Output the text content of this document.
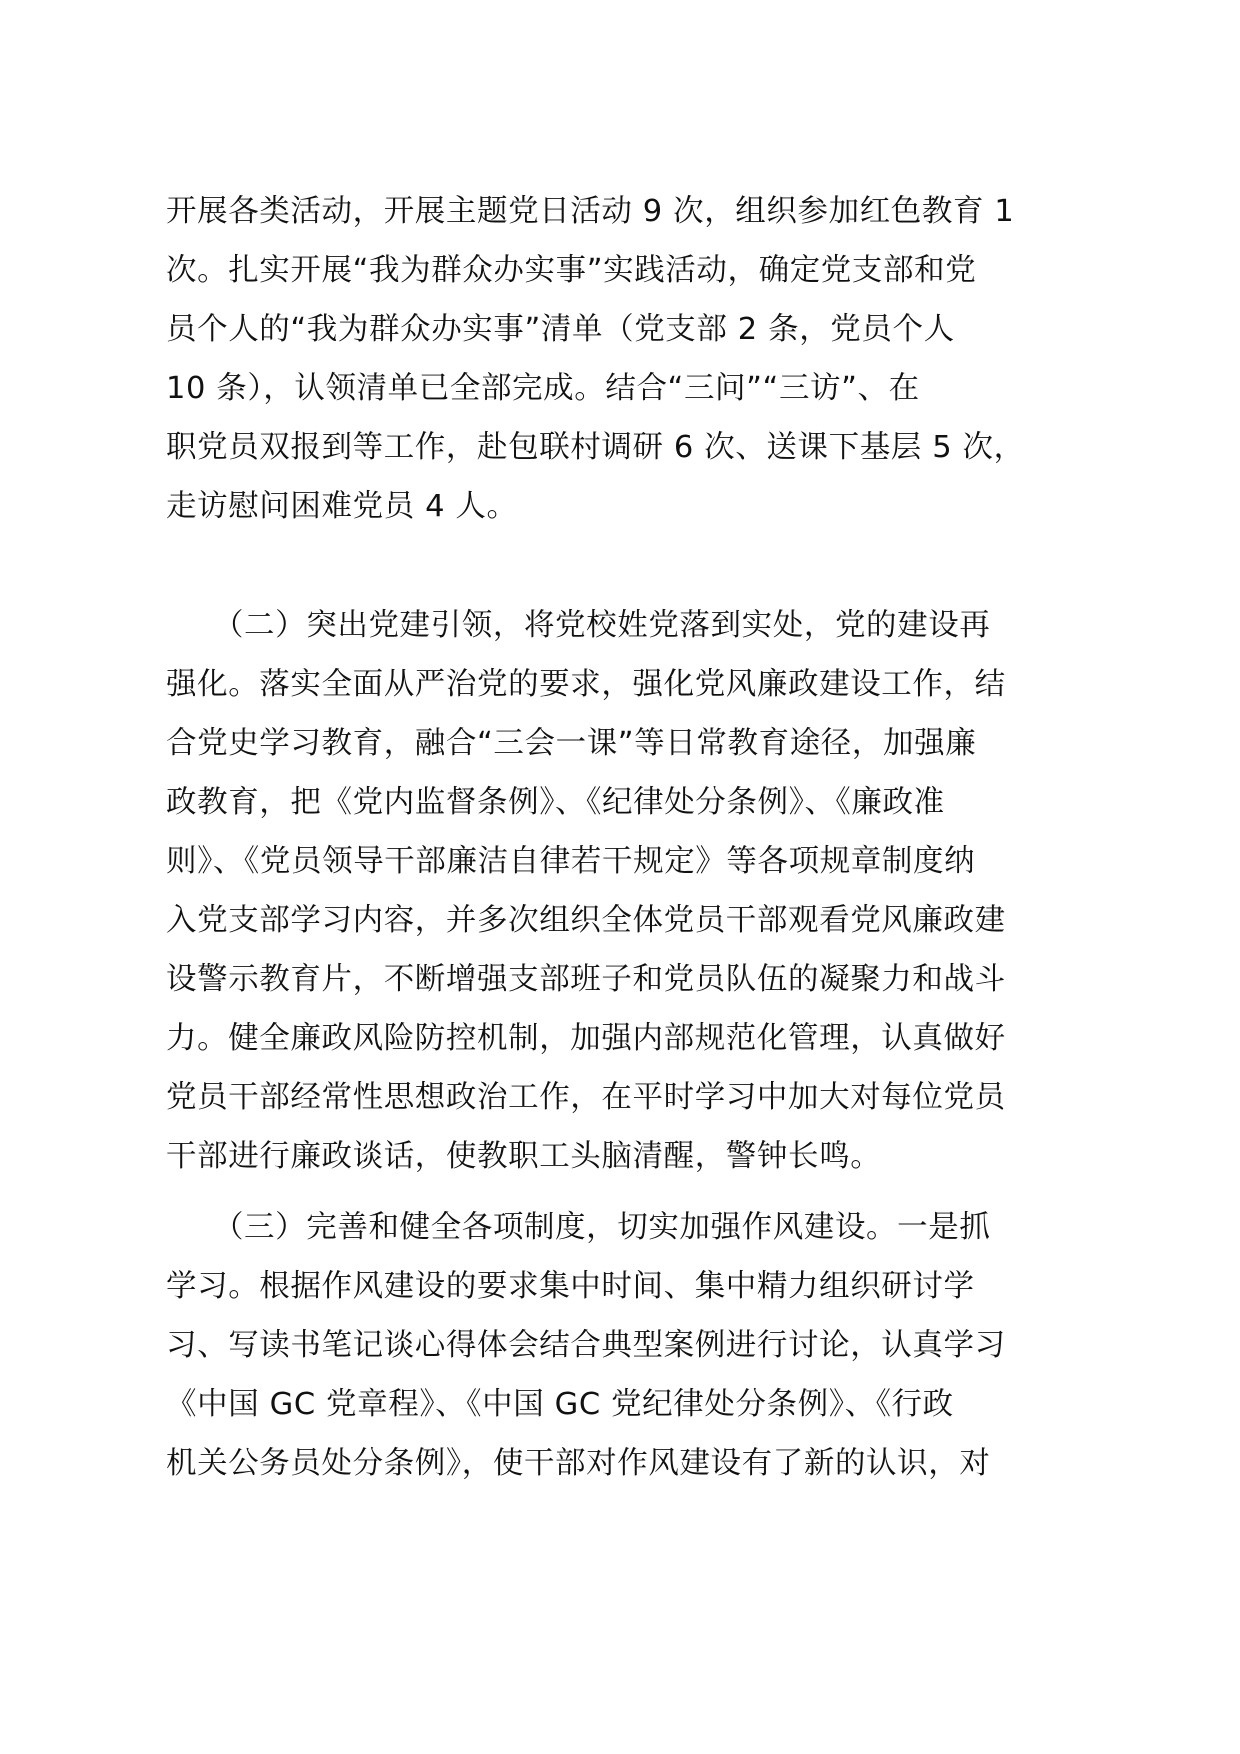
开展各类活动，开展主题党日活动 9 次，组织参加红色教育 1
次。扎实开展“我为群众办实事”实践活动，确定党支部和党
员个人的“我为群众办实事”清单（党支部 2 条，党员个人
10 条），认领清单已全部完成。结合“三问”“三访”、在
职党员双报到等工作，赴包联村调研 6 次、送课下基层 5 次，
走访慰问困难党员 4 人。
　　（二）突出党建引领，将党校姓党落到实处，党的建设再
强化。落实全面从严治党的要求，强化党风廉政建设工作，结
合党史学习教育，融合“三会一课”等日常教育途径，加强廉
政教育，把《党内监督条例》、《纪律处分条例》、《廉政准
则》、《党员领导干部廉洁自律若干规定》等各项规章制度纳
入党支部学习内容，并多次组织全体党员干部观看党风廉政建
设警示教育片，不断增强支部班子和党员队伍的凝聚力和战斗
力。健全廉政风险防控机制，加强内部规范化管理，认真做好
党员干部经常性思想政治工作，在平时学习中加大对每位党员
干部进行廉政谈话，使教职工头脑清醒，警钟长鸣。
　　（三）完善和健全各项制度，切实加强作风建设。一是抓
学习。根据作风建设的要求集中时间、集中精力组织研讨学
习、写读书笔记谈心得体会结合典型案例进行讨论，认真学习
《中国 GC 党章程》、《中国 GC 党纪律处分条例》、《行政
机关公务员处分条例》，使干部对作风建设有了新的认识，对
